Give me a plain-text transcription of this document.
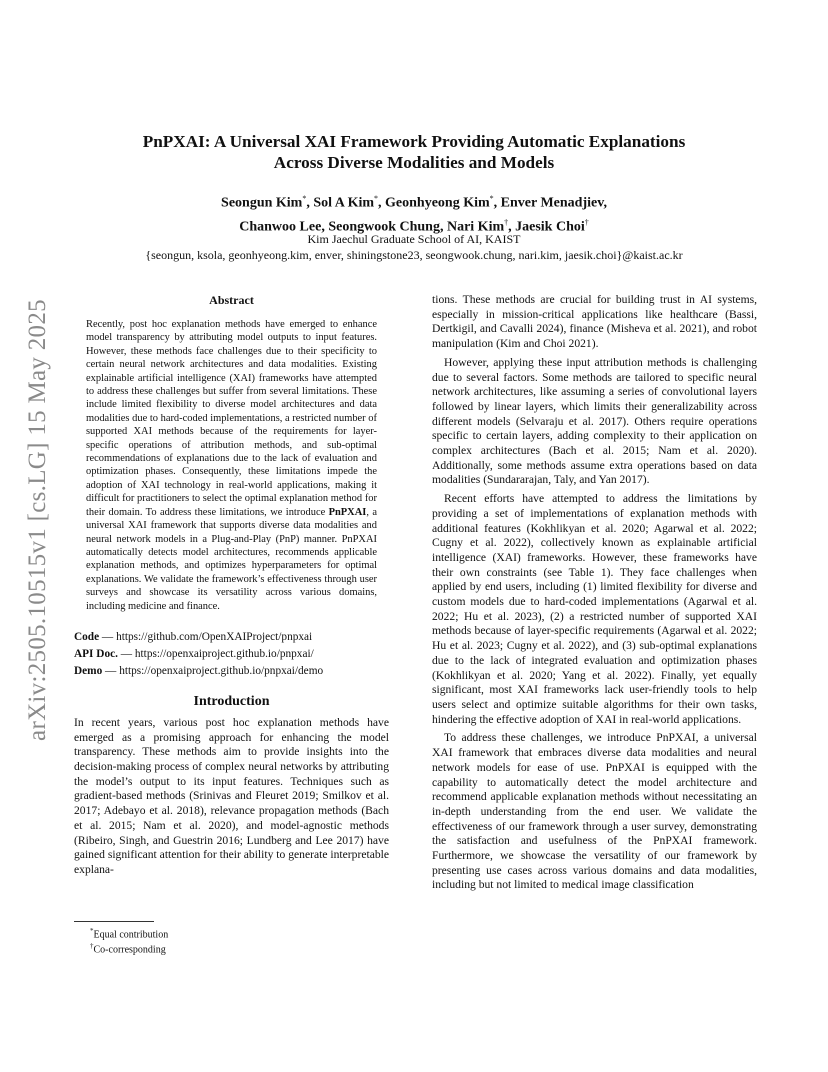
arXiv:2505.10515v1 [cs.LG] 15 May 2025
PnPXAI: A Universal XAI Framework Providing Automatic Explanations
Across Diverse Modalities and Models
Seongun Kim*, Sol A Kim*, Geonhyeong Kim*, Enver Menadjiev,
Chanwoo Lee, Seongwook Chung, Nari Kim†, Jaesik Choi†
Kim Jaechul Graduate School of AI, KAIST
{seongun, ksola, geonhyeong.kim, enver, shiningstone23, seongwook.chung, nari.kim, jaesik.choi}@kaist.ac.kr
Abstract
Recently, post hoc explanation methods have emerged to enhance model transparency by attributing model outputs to input features. However, these methods face challenges due to their specificity to certain neural network architectures and data modalities. Existing explainable artificial intelligence (XAI) frameworks have attempted to address these challenges but suffer from several limitations. These include limited flexibility to diverse model architectures and data modalities due to hard-coded implementations, a restricted number of supported XAI methods because of the requirements for layer-specific operations of attribution methods, and sub-optimal recommendations of explanations due to the lack of evaluation and optimization phases. Consequently, these limitations impede the adoption of XAI technology in real-world applications, making it difficult for practitioners to select the optimal explanation method for their domain. To address these limitations, we introduce PnPXAI, a universal XAI framework that supports diverse data modalities and neural network models in a Plug-and-Play (PnP) manner. PnPXAI automatically detects model architectures, recommends applicable explanation methods, and optimizes hyperparameters for optimal explanations. We validate the framework’s effectiveness through user surveys and showcase its versatility across various domains, including medicine and finance.
Code — https://github.com/OpenXAIProject/pnpxai
API Doc. — https://openxaiproject.github.io/pnpxai/
Demo — https://openxaiproject.github.io/pnpxai/demo
Introduction

In recent years, various post hoc explanation methods have emerged as a promising approach for enhancing the model transparency. These methods aim to provide insights into the decision-making process of complex neural networks by attributing the model’s output to its input features. Techniques such as gradient-based methods (Srinivas and Fleuret 2019; Smilkov et al. 2017; Adebayo et al. 2018), relevance propagation methods (Bach et al. 2015; Nam et al. 2020), and model-agnostic methods (Ribeiro, Singh, and Guestrin 2016; Lundberg and Lee 2017) have gained significant attention for their ability to generate interpretable explana-

*Equal contribution
†Co-corresponding

tions. These methods are crucial for building trust in AI systems, especially in mission-critical applications like healthcare (Bassi, Dertkigil, and Cavalli 2024), finance (Misheva et al. 2021), and robot manipulation (Kim and Choi 2021).

However, applying these input attribution methods is challenging due to several factors. Some methods are tailored to specific neural network architectures, like assuming a series of convolutional layers followed by linear layers, which limits their generalizability across different models (Selvaraju et al. 2017). Others require operations specific to certain layers, adding complexity to their application on complex architectures (Bach et al. 2015; Nam et al. 2020). Additionally, some methods assume extra operations based on data modalities (Sundararajan, Taly, and Yan 2017).

Recent efforts have attempted to address the limitations by providing a set of implementations of explanation methods with additional features (Kokhlikyan et al. 2020; Agarwal et al. 2022; Cugny et al. 2022), collectively known as explainable artificial intelligence (XAI) frameworks. However, these frameworks have their own constraints (see Table 1). They face challenges when applied by end users, including (1) limited flexibility for diverse and custom models due to hard-coded implementations (Agarwal et al. 2022; Hu et al. 2023), (2) a restricted number of supported XAI methods because of layer-specific requirements (Agarwal et al. 2022; Hu et al. 2023; Cugny et al. 2022), and (3) sub-optimal explanations due to the lack of integrated evaluation and optimization phases (Kokhlikyan et al. 2020; Yang et al. 2022). Finally, yet equally significant, most XAI frameworks lack user-friendly tools to help users select and optimize suitable algorithms for their own tasks, hindering the effective adoption of XAI in real-world applications.

To address these challenges, we introduce PnPXAI, a universal XAI framework that embraces diverse data modalities and neural network models for ease of use. PnPXAI is equipped with the capability to automatically detect the model architecture and recommend applicable explanation methods without necessitating an in-depth understanding from the end user. We validate the effectiveness of our framework through a user survey, demonstrating the satisfaction and usefulness of the PnPXAI framework. Furthermore, we showcase the versatility of our framework by presenting use cases across various domains and data modalities, including but not limited to medical image classification
